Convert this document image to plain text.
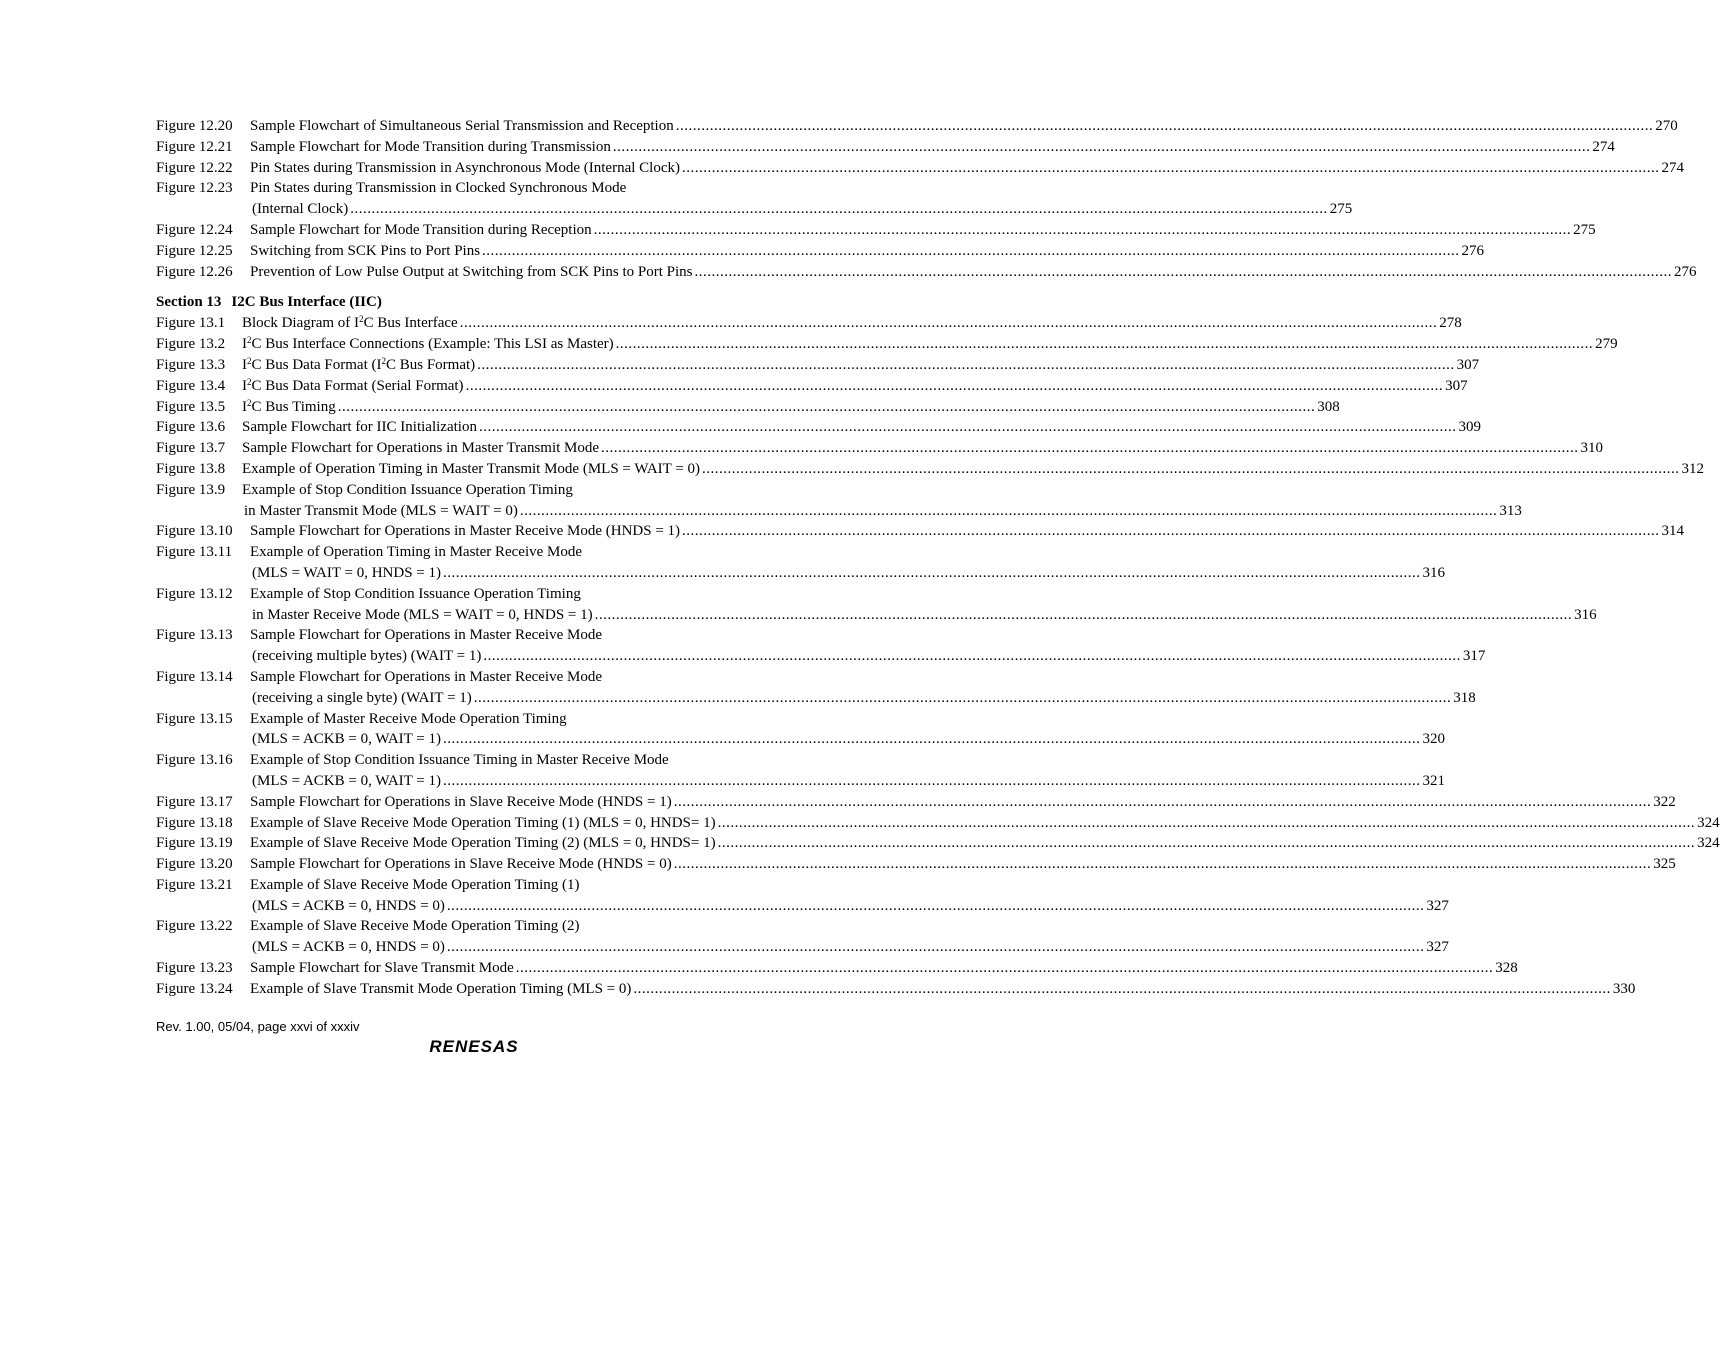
Figure 12.20	Sample Flowchart of Simultaneous Serial Transmission and Reception .....	270
Figure 12.21	Sample Flowchart for Mode Transition during Transmission .....	274
Figure 12.22	Pin States during Transmission in Asynchronous Mode (Internal Clock) .....	274
Figure 12.23	Pin States during Transmission in Clocked Synchronous Mode
(Internal Clock) .....	275
Figure 12.24	Sample Flowchart for Mode Transition during Reception .....	275
Figure 12.25	Switching from SCK Pins to Port Pins .....	276
Figure 12.26	Prevention of Low Pulse Output at Switching from SCK Pins to Port Pins .....	276
Section 13 I2C Bus Interface (IIC)
Figure 13.1	Block Diagram of $I^2C$ Bus Interface .....	278
Figure 13.2	$I^2C$ Bus Interface Connections (Example: This LSI as Master) .....	279
Figure 13.3	$I^2C$ Bus Data Format ($I^2C$ Bus Format) .....	307
Figure 13.4	$I^2C$ Bus Data Format (Serial Format) .....	307
Figure 13.5	$I^2C$ Bus Timing .....	308
Figure 13.6	Sample Flowchart for IIC Initialization .....	309
Figure 13.7	Sample Flowchart for Operations in Master Transmit Mode .....	310
Figure 13.8	Example of Operation Timing in Master Transmit Mode (MLS = WAIT = 0) .....	312
Figure 13.9	Example of Stop Condition Issuance Operation Timing
in Master Transmit Mode (MLS = WAIT = 0) .....	313
Figure 13.10	Sample Flowchart for Operations in Master Receive Mode (HNDS = 1) .....	314
Figure 13.11	Example of Operation Timing in Master Receive Mode
(MLS = WAIT = 0, HNDS = 1) .....	316
Figure 13.12	Example of Stop Condition Issuance Operation Timing
in Master Receive Mode (MLS = WAIT = 0, HNDS = 1) .....	316
Figure 13.13	Sample Flowchart for Operations in Master Receive Mode
(receiving multiple bytes) (WAIT = 1) .....	317
Figure 13.14	Sample Flowchart for Operations in Master Receive Mode
(receiving a single byte) (WAIT = 1) .....	318
Figure 13.15	Example of Master Receive Mode Operation Timing
(MLS = ACKB = 0, WAIT = 1) .....	320
Figure 13.16	Example of Stop Condition Issuance Timing in Master Receive Mode
(MLS = ACKB = 0, WAIT = 1) .....	321
Figure 13.17	Sample Flowchart for Operations in Slave Receive Mode (HNDS = 1) .....	322
Figure 13.18	Example of Slave Receive Mode Operation Timing (1) (MLS = 0, HNDS= 1) .....	324
Figure 13.19	Example of Slave Receive Mode Operation Timing (2) (MLS = 0, HNDS= 1) .....	324
Figure 13.20	Sample Flowchart for Operations in Slave Receive Mode (HNDS = 0) .....	325
Figure 13.21	Example of Slave Receive Mode Operation Timing (1)
(MLS = ACKB = 0, HNDS = 0) .....	327
Figure 13.22	Example of Slave Receive Mode Operation Timing (2)
(MLS = ACKB = 0, HNDS = 0) .....	327
Figure 13.23	Sample Flowchart for Slave Transmit Mode .....	328
Figure 13.24	Example of Slave Transmit Mode Operation Timing (MLS = 0) .....	330
Rev. 1.00, 05/04, page xxvi of xxxiv
RENESAS
